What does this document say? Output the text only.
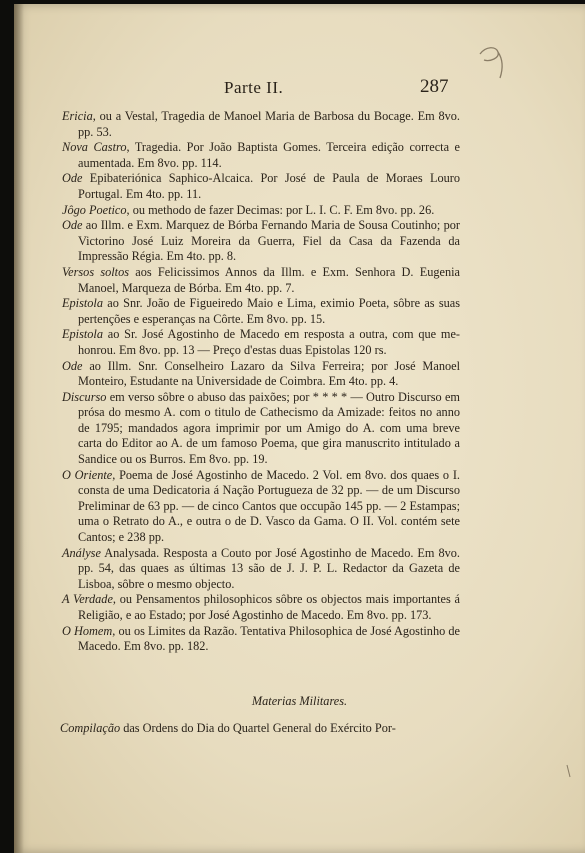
Parte II.	287

Ericia, ou a Vestal, Tragedia de Manoel Maria de Barbosa du Bocage. Em 8vo. pp. 53.

Nova Castro, Tragedia. Por João Baptista Gomes. Terceira edição correcta e aumentada. Em 8vo. pp. 114.

Ode Epibateriónica Saphico-Alcaica. Por José de Paula de Moraes Louro Portugal. Em 4to. pp. 11.

Jôgo Poetico, ou methodo de fazer Decimas: por L. I. C. F. Em 8vo. pp. 26.

Ode ao Illm. e Exm. Marquez de Bórba Fernando Maria de Sousa Coutinho; por Victorino José Luiz Moreira da Guerra, Fiel da Casa da Fazenda da Impressão Régia. Em 4to. pp. 8.

Versos soltos aos Felicissimos Annos da Illm. e Exm. Senhora D. Eugenia Manoel, Marqueza de Bórba. Em 4to. pp. 7.

Epistola ao Snr. João de Figueiredo Maio e Lima, eximio Poeta, sôbre as suas pertenções e esperanças na Côrte. Em 8vo. pp. 15.

Epistola ao Sr. José Agostinho de Macedo em resposta a outra, com que me-honrou. Em 8vo. pp. 13 — Preço d'estas duas Epistolas 120 rs.

Ode ao Illm. Snr. Conselheiro Lazaro da Silva Ferreira; por José Manoel Monteiro, Estudante na Universidade de Coimbra. Em 4to. pp. 4.

Discurso em verso sôbre o abuso das paixões; por * * * * — Outro Discurso em prósa do mesmo A. com o titulo de Cathecismo da Amizade: feitos no anno de 1795; mandados agora imprimir por um Amigo do A. com uma breve carta do Editor ao A. de um famoso Poema, que gira manuscrito intitulado a Sandice ou os Burros. Em 8vo. pp. 19.

O Oriente, Poema de José Agostinho de Macedo. 2 Vol. em 8vo. dos quaes o I. consta de uma Dedicatoria á Nação Portugueza de 32 pp. — de um Discurso Preliminar de 63 pp. — de cinco Cantos que occupão 145 pp. — 2 Estampas; uma o Retrato do A., e outra o de D. Vasco da Gama. O II. Vol. contém sete Cantos; e 238 pp.

Anályse Analysada. Resposta a Couto por José Agostinho de Macedo. Em 8vo. pp. 54, das quaes as últimas 13 são de J. J. P. L. Redactor da Gazeta de Lisboa, sôbre o mesmo objecto.

A Verdade, ou Pensamentos philosophicos sôbre os objectos mais importantes á Religião, e ao Estado; por José Agostinho de Macedo. Em 8vo. pp. 173.

O Homem, ou os Limites da Razão. Tentativa Philosophica de José Agostinho de Macedo. Em 8vo. pp. 182.

Materias Militares.

Compilação das Ordens do Dia do Quartel General do Exército Por-
